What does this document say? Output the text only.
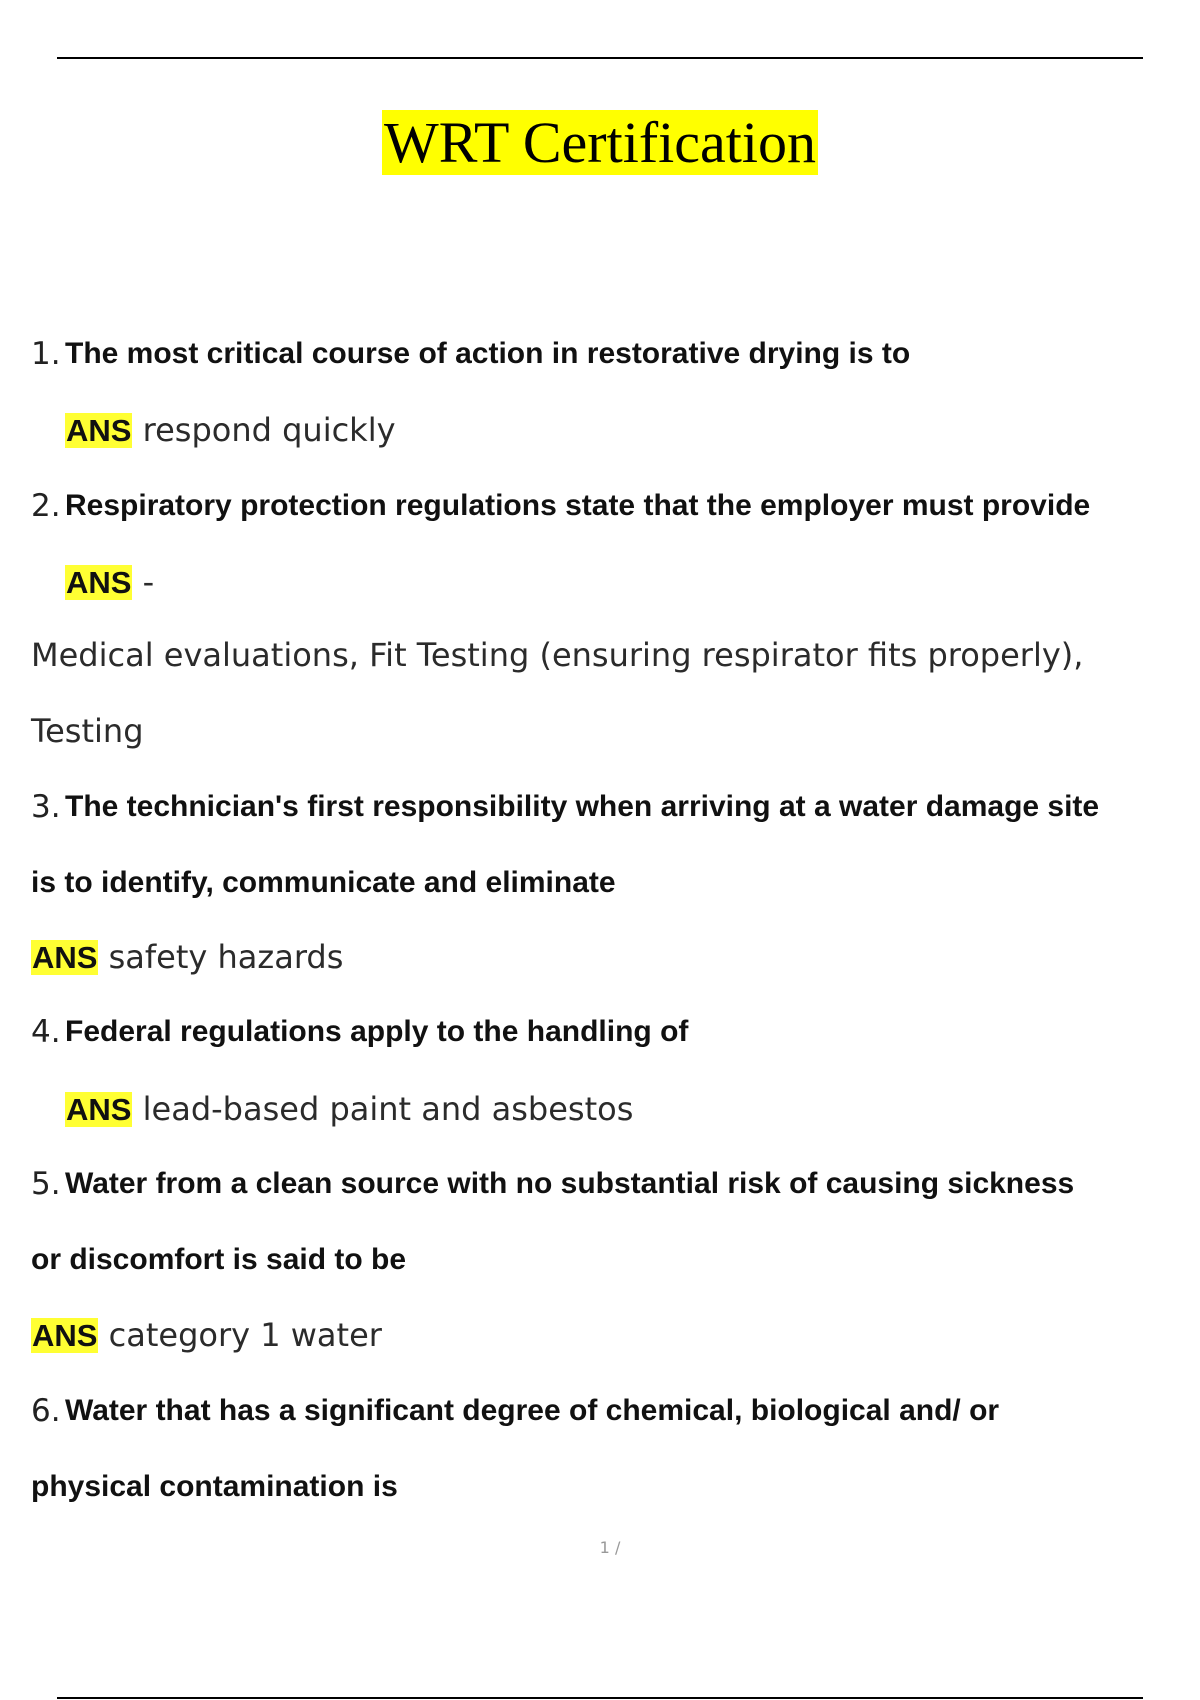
WRT Certification
1. The most critical course of action in restorative drying is to
ANS respond quickly
2. Respiratory protection regulations state that the employer must provide
ANS -
Medical evaluations, Fit Testing (ensuring respirator fits properly),
Testing
3. The technician's first responsibility when arriving at a water damage site
is to identify, communicate and eliminate
ANS safety hazards
4. Federal regulations apply to the handling of
ANS lead-based paint and asbestos
5. Water from a clean source with no substantial risk of causing sickness
or discomfort is said to be
ANS category 1 water
6. Water that has a significant degree of chemical, biological and/ or
physical contamination is
1 /
